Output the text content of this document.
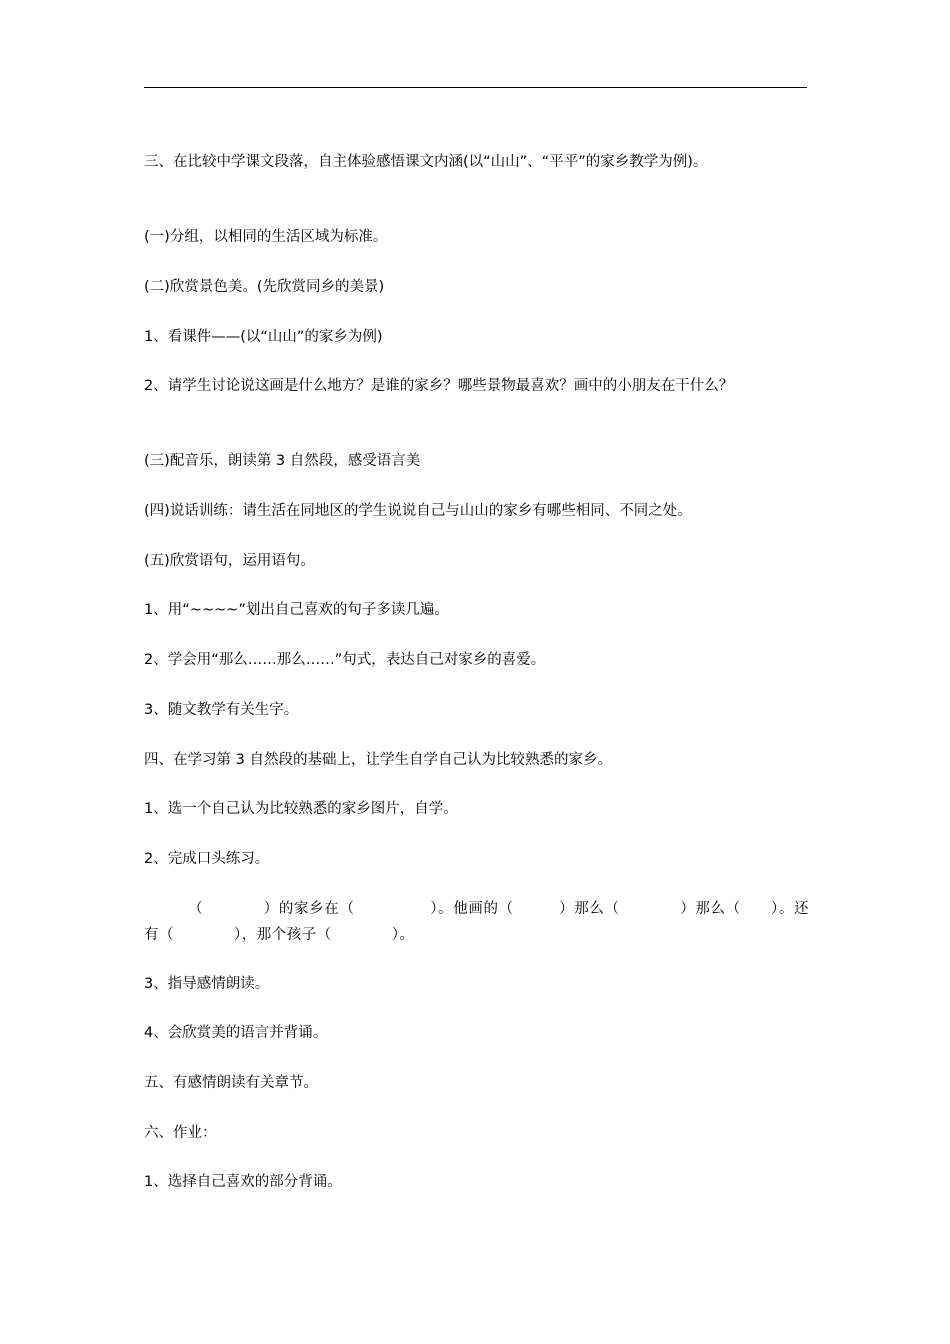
三、在比较中学课文段落，自主体验感悟课文内涵(以“山山”、“平平”的家乡教学为例)。
(一)分组，以相同的生活区域为标准。
(二)欣赏景色美。(先欣赏同乡的美景)
1、看课件——(以“山山”的家乡为例)
2、请学生讨论说这画是什么地方？是谁的家乡？哪些景物最喜欢？画中的小朋友在干什么？
(三)配音乐，朗读第 3 自然段，感受语言美
(四)说话训练：请生活在同地区的学生说说自己与山山的家乡有哪些相同、不同之处。
(五)欣赏语句，运用语句。
1、用“~~~~”划出自己喜欢的句子多读几遍。
2、学会用“那么……那么……”句式，表达自己对家乡的喜爱。
3、随文教学有关生字。
四、在学习第 3 自然段的基础上，让学生自学自己认为比较熟悉的家乡。
1、选一个自己认为比较熟悉的家乡图片，自学。
2、完成口头练习。
（　　　　）的家乡在（　　　　　）。他画的（　　　）那么（　　　　）那么（　　）。还有（　　　　），那个孩子（　　　　）。
3、指导感情朗读。
4、会欣赏美的语言并背诵。
五、有感情朗读有关章节。
六、作业：
1、选择自己喜欢的部分背诵。
